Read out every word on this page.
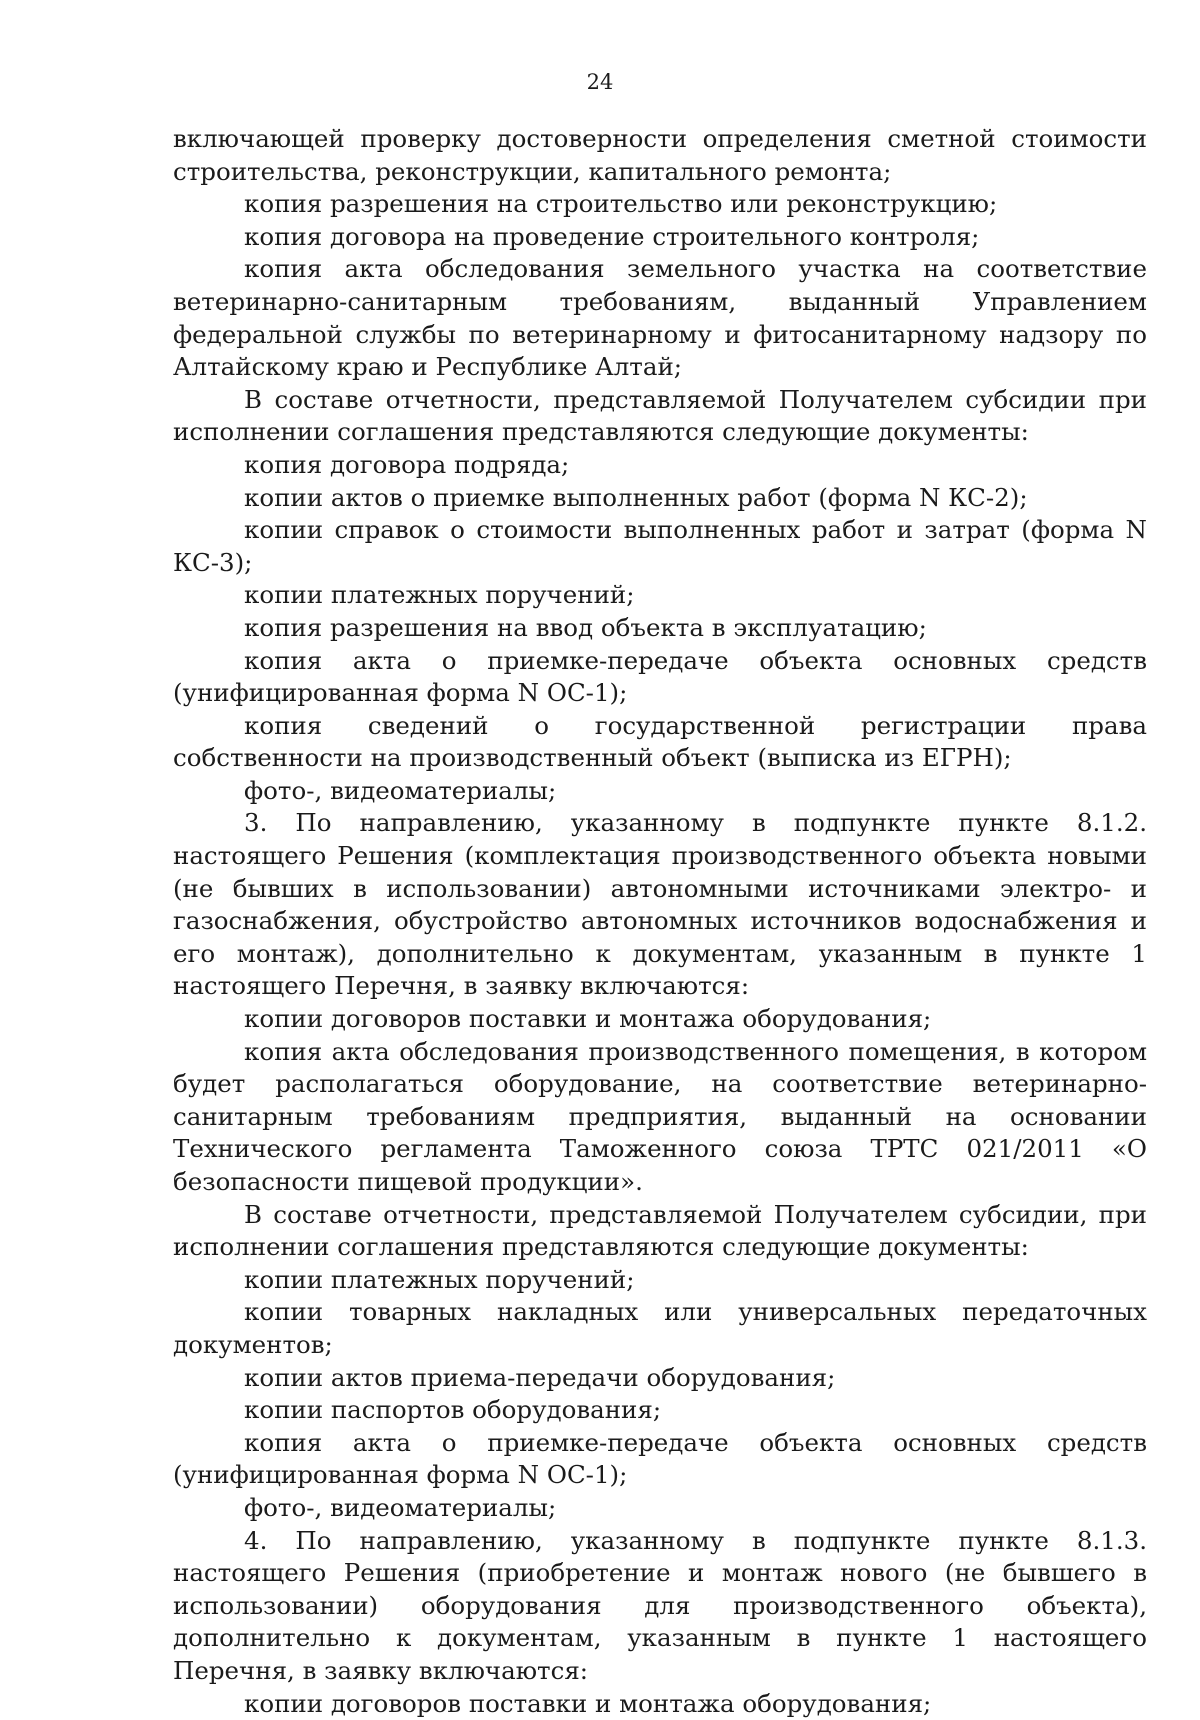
24

включающей проверку достоверности определения сметной стоимости строительства, реконструкции, капитального ремонта;

копия разрешения на строительство или реконструкцию;

копия договора на проведение строительного контроля;

копия акта обследования земельного участка на соответствие ветеринарно-санитарным требованиям, выданный Управлением федеральной службы по ветеринарному и фитосанитарному надзору по Алтайскому краю и Республике Алтай;

В составе отчетности, представляемой Получателем субсидии при исполнении соглашения представляются следующие документы:

копия договора подряда;

копии актов о приемке выполненных работ (форма N КС-2);

копии справок о стоимости выполненных работ и затрат (форма N КС-3);

копии платежных поручений;

копия разрешения на ввод объекта в эксплуатацию;

копия акта о приемке-передаче объекта основных средств (унифицированная форма N ОС-1);

копия сведений о государственной регистрации права собственности на производственный объект (выписка из ЕГРН);

фото-, видеоматериалы;

3. По направлению, указанному в подпункте пункте 8.1.2. настоящего Решения (комплектация производственного объекта новыми (не бывших в использовании) автономными источниками электро- и газоснабжения, обустройство автономных источников водоснабжения и его монтаж), дополнительно к документам, указанным в пункте 1 настоящего Перечня, в заявку включаются:

копии договоров поставки и монтажа оборудования;

копия акта обследования производственного помещения, в котором будет располагаться оборудование, на соответствие ветеринарно-санитарным требованиям предприятия, выданный на основании Технического регламента Таможенного союза ТРТС 021/2011 «О безопасности пищевой продукции».

В составе отчетности, представляемой Получателем субсидии, при исполнении соглашения представляются следующие документы:

копии платежных поручений;

копии товарных накладных или универсальных передаточных документов;

копии актов приема-передачи оборудования;

копии паспортов оборудования;

копия акта о приемке-передаче объекта основных средств (унифицированная форма N ОС-1);

фото-, видеоматериалы;

4. По направлению, указанному в подпункте пункте 8.1.3. настоящего Решения (приобретение и монтаж нового (не бывшего в использовании) оборудования для производственного объекта), дополнительно к документам, указанным в пункте 1 настоящего Перечня, в заявку включаются:

копии договоров поставки и монтажа оборудования;
